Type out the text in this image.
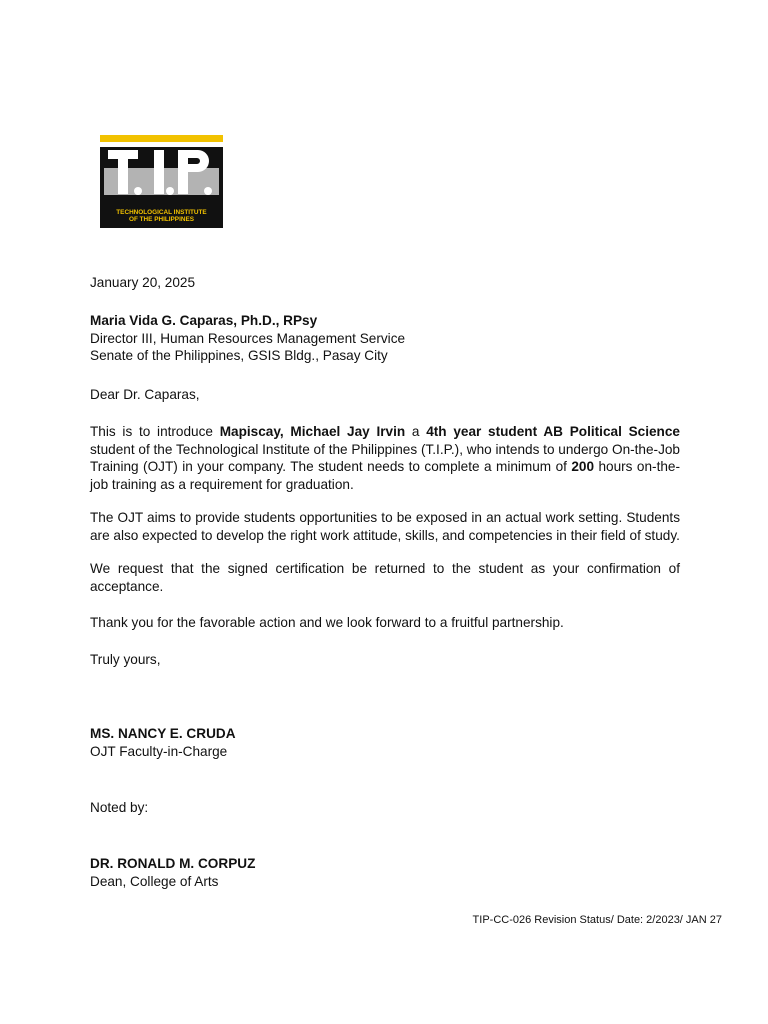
TECHNOLOGICAL INSTITUTE
OF THE PHILIPPINES
January 20, 2025

Maria Vida G. Caparas, Ph.D., RPsy

Director III, Human Resources Management Service

Senate of the Philippines, GSIS Bldg., Pasay City

Dear Dr. Caparas,
This is to introduce Mapiscay, Michael Jay Irvin a 4th year student AB Political Science student of the Technological Institute of the Philippines (T.I.P.), who intends to undergo On-the-Job Training (OJT) in your company. The student needs to complete a minimum of 200 hours on-the-job training as a requirement for graduation.
The OJT aims to provide students opportunities to be exposed in an actual work setting. Students are also expected to develop the right work attitude, skills, and competencies in their field of study.
We request that the signed certification be returned to the student as your confirmation of acceptance.
Thank you for the favorable action and we look forward to a fruitful partnership.
Truly yours,

MS. NANCY E. CRUDA

OJT Faculty-in-Charge

Noted by:

DR. RONALD M. CORPUZ

Dean, College of Arts

TIP-CC-026 Revision Status/ Date: 2/2023/ JAN 27
